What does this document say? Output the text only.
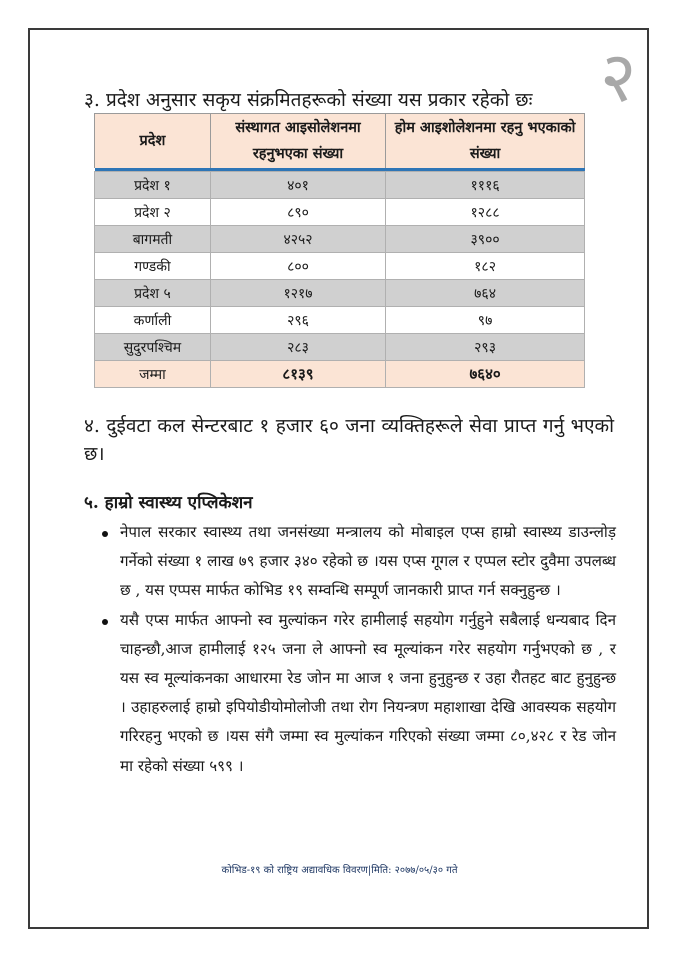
२
३. प्रदेश अनुसार सकृय संक्रमितहरूको संख्या यस प्रकार रहेको छः
प्रदेश	संस्थागत आइसोलेशनमा रहनुभएका संख्या	होम आइशोलेशनमा रहनु भएकाको संख्या

प्रदेश १	४०१	१११६
प्रदेश २	८९०	१२८८
बागमती	४२५२	३९००
गण्डकी	८००	१८२
प्रदेश ५	१२१७	७६४
कर्णाली	२९६	९७
सुदुरपश्चिम	२८३	२९३
जम्मा	८१३९	७६४०
४. दुईवटा कल सेन्टरबाट १ हजार ६० जना व्यक्तिहरूले सेवा प्राप्त गर्नु भएको छ।
५. हाम्रो स्वास्थ्य एप्लिकेशन
नेपाल सरकार स्वास्थ्य तथा जनसंख्या मन्त्रालय को मोबाइल एप्स हाम्रो स्वास्थ्य डाउन्लोड़ गर्नेको संख्या १ लाख ७९ हजार ३४० रहेको छ ।यस एप्स गूगल र एप्पल स्टोर दुवैमा उपलब्ध छ , यस एप्पस मार्फत कोभिड १९ सम्वन्धि सम्पूर्ण जानकारी प्राप्त गर्न सक्नुहुन्छ ।
यसै एप्स मार्फत आफ्नो स्व मुल्यांकन गरेर हामीलाई सहयोग गर्नुहुने सबैलाई धन्यबाद दिन चाहन्छौ,आज हामीलाई १२५ जना ले आफ्नो स्व मूल्यांकन गरेर सहयोग गर्नुभएको छ , र यस स्व मूल्यांकनका आधारमा रेड जोन मा आज १ जना हुनुहुन्छ र उहा रौतहट बाट हुनुहुन्छ । उहाहरुलाई हाम्रो इपियोडीयोमोलोजी तथा रोग नियन्त्रण महाशाखा देखि आवस्यक सहयोग गरिरहनु भएको छ ।यस संगै जम्मा स्व मुल्यांकन गरिएको संख्या जम्मा ८०,४२८ र रेड जोन मा रहेको संख्या ५९९ ।
कोभिड-१९ को राष्ट्रिय अद्यावधिक विवरण|मिति: २०७७/०५/३० गते
